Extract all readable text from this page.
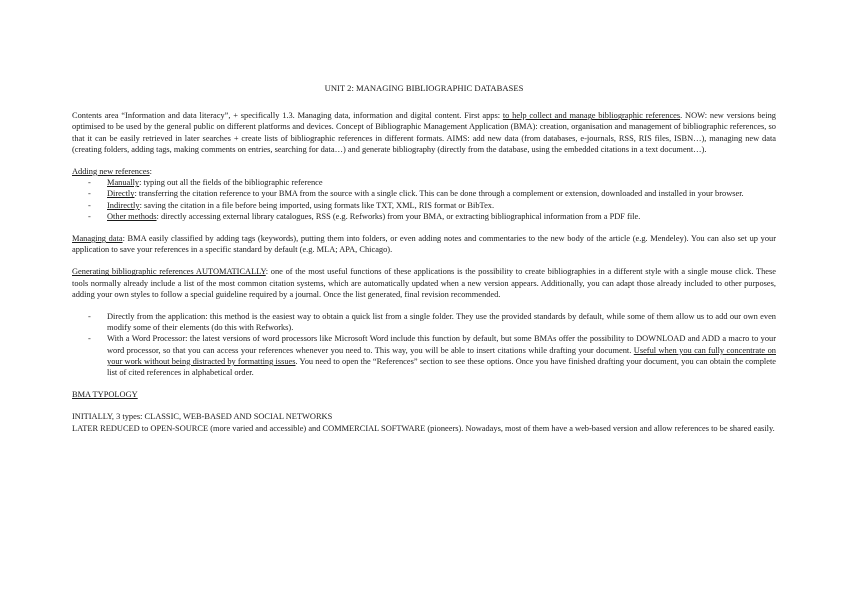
UNIT 2: MANAGING BIBLIOGRAPHIC DATABASES

Contents area “Information and data literacy”, + specifically 1.3. Managing data, information and digital content. First apps: to help collect and manage bibliographic references. NOW: new versions being optimised to be used by the general public on different platforms and devices. Concept of Bibliographic Management Application (BMA): creation, organisation and management of bibliographic references, so that it can be easily retrieved in later searches + create lists of bibliographic references in different formats. AIMS: add new data (from databases, e-journals, RSS, RIS files, ISBN…), managing new data (creating folders, adding tags, making comments on entries, searching for data…) and generate bibliography (directly from the database, using the embedded citations in a text document…).

Adding new references:

- Manually: typing out all the fields of the bibliographic reference
- Directly: transferring the citation reference to your BMA from the source with a single click. This can be done through a complement or extension, downloaded and installed in your browser.
- Indirectly: saving the citation in a file before being imported, using formats like TXT, XML, RIS format or BibTex.
- Other methods: directly accessing external library catalogues, RSS (e.g. Refworks) from your BMA, or extracting bibliographical information from a PDF file.

Managing data: BMA easily classified by adding tags (keywords), putting them into folders, or even adding notes and commentaries to the new body of the article (e.g. Mendeley). You can also set up your application to save your references in a specific standard by default (e.g. MLA; APA, Chicago).

Generating bibliographic references AUTOMATICALLY: one of the most useful functions of these applications is the possibility to create bibliographies in a different style with a single mouse click. These tools normally already include a list of the most common citation systems, which are automatically updated when a new version appears. Additionally, you can adapt those already included to other purposes, adding your own styles to follow a special guideline required by a journal. Once the list generated, final revision recommended.

- Directly from the application: this method is the easiest way to obtain a quick list from a single folder. They use the provided standards by default, while some of them allow us to add our own even modify some of their elements (do this with Refworks).
- With a Word Processor: the latest versions of word processors like Microsoft Word include this function by default, but some BMAs offer the possibility to DOWNLOAD and ADD a macro to your word processor, so that you can access your references whenever you need to. This way, you will be able to insert citations while drafting your document. Useful when you can fully concentrate on your work without being distracted by formatting issues. You need to open the “References” section to see these options. Once you have finished drafting your document, you can obtain the complete list of cited references in alphabetical order.

BMA TYPOLOGY

INITIALLY, 3 types: CLASSIC, WEB-BASED AND SOCIAL NETWORKS

LATER REDUCED to OPEN-SOURCE (more varied and accessible) and COMMERCIAL SOFTWARE (pioneers). Nowadays, most of them have a web-based version and allow references to be shared easily.
